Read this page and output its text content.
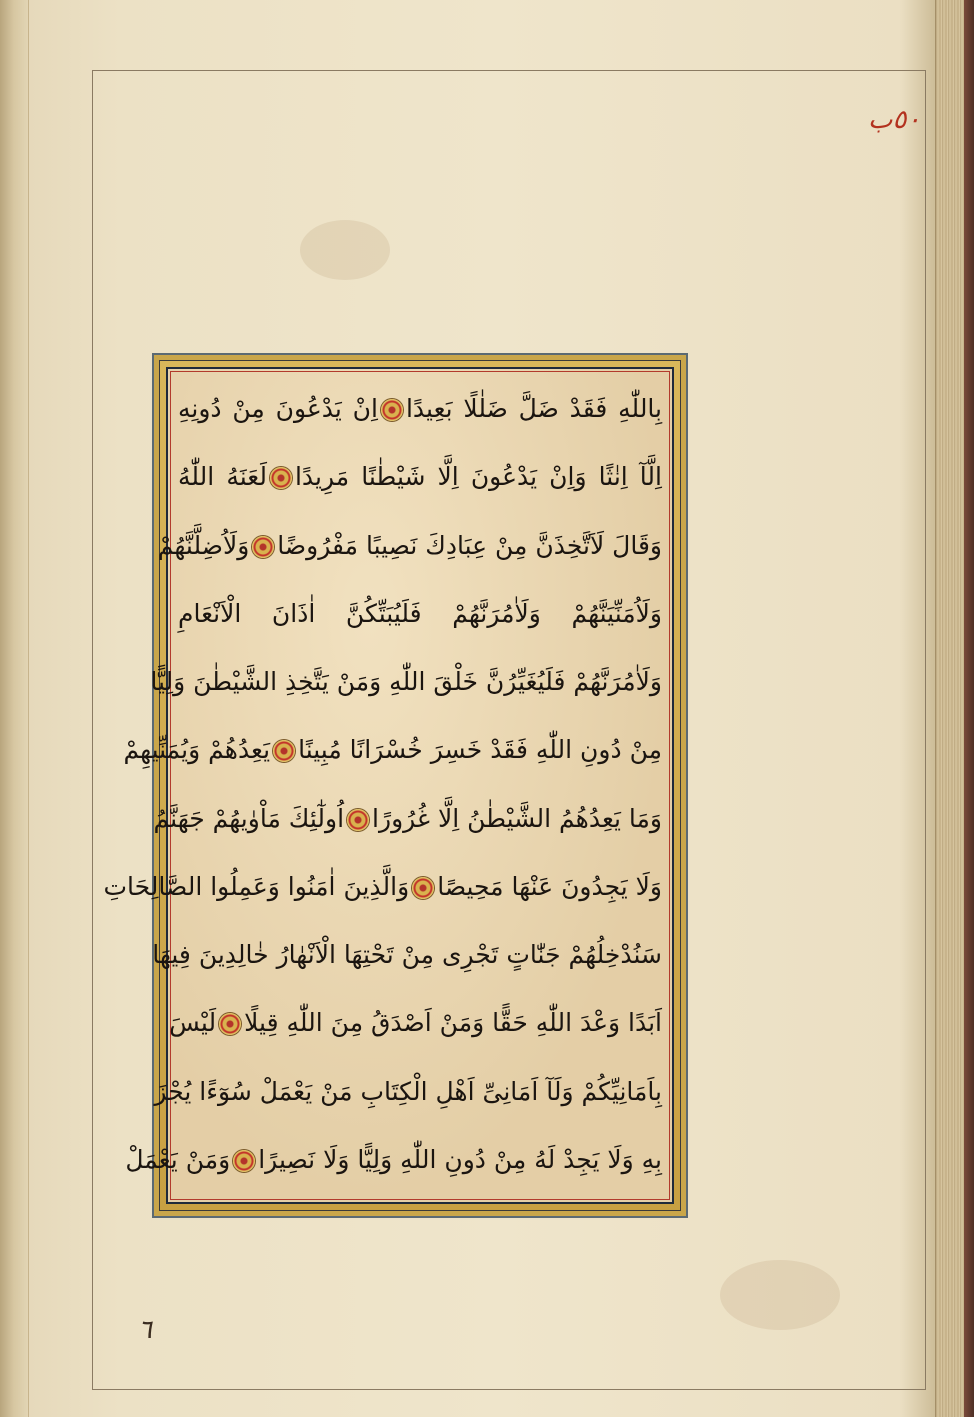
٥٠ب
بِاللّٰهِ فَقَدْ ضَلَّ ضَلٰلًا بَعِيدًااِنْ يَدْعُونَ مِنْ دُونِهِ
اِلَّآ اِنٰثًا وَاِنْ يَدْعُونَ اِلَّا شَيْطٰنًا مَرِيدًالَعَنَهُ اللّٰهُ
وَقَالَ لَاَتَّخِذَنَّ مِنْ عِبَادِكَ نَصِيبًا مَفْرُوضًاوَلَاُضِلَّنَّهُمْ
وَلَاُمَنِّيَنَّهُمْ وَلَاٰمُرَنَّهُمْ فَلَيُبَتِّكُنَّ اٰذَانَ الْاَنْعَامِ
وَلَاٰمُرَنَّهُمْ فَلَيُغَيِّرُنَّ خَلْقَ اللّٰهِ وَمَنْ يَتَّخِذِ الشَّيْطٰنَ وَلِيًّا
مِنْ دُونِ اللّٰهِ فَقَدْ خَسِرَ خُسْرَانًا مُبِينًايَعِدُهُمْ وَيُمَنِّيهِمْ
وَمَا يَعِدُهُمُ الشَّيْطٰنُ اِلَّا غُرُورًااُولٰٓئِكَ مَاْوٰيهُمْ جَهَنَّمُ
وَلَا يَجِدُونَ عَنْهَا مَحِيصًاوَالَّذِينَ اٰمَنُوا وَعَمِلُوا الصَّالِحَاتِ
سَنُدْخِلُهُمْ جَنّٰاتٍ تَجْرِى مِنْ تَحْتِهَا الْاَنْهٰارُ خٰالِدِينَ فِيهَا
اَبَدًا وَعْدَ اللّٰهِ حَقًّا وَمَنْ اَصْدَقُ مِنَ اللّٰهِ قِيلًالَيْسَ
بِاَمَانِيِّكُمْ وَلَآ اَمَانِىِّ اَهْلِ الْكِتَابِ مَنْ يَعْمَلْ سُوٓءًا يُجْزَ
بِهِ وَلَا يَجِدْ لَهُ مِنْ دُونِ اللّٰهِ وَلِيًّا وَلَا نَصِيرًاوَمَنْ يَعْمَلْ
٦
